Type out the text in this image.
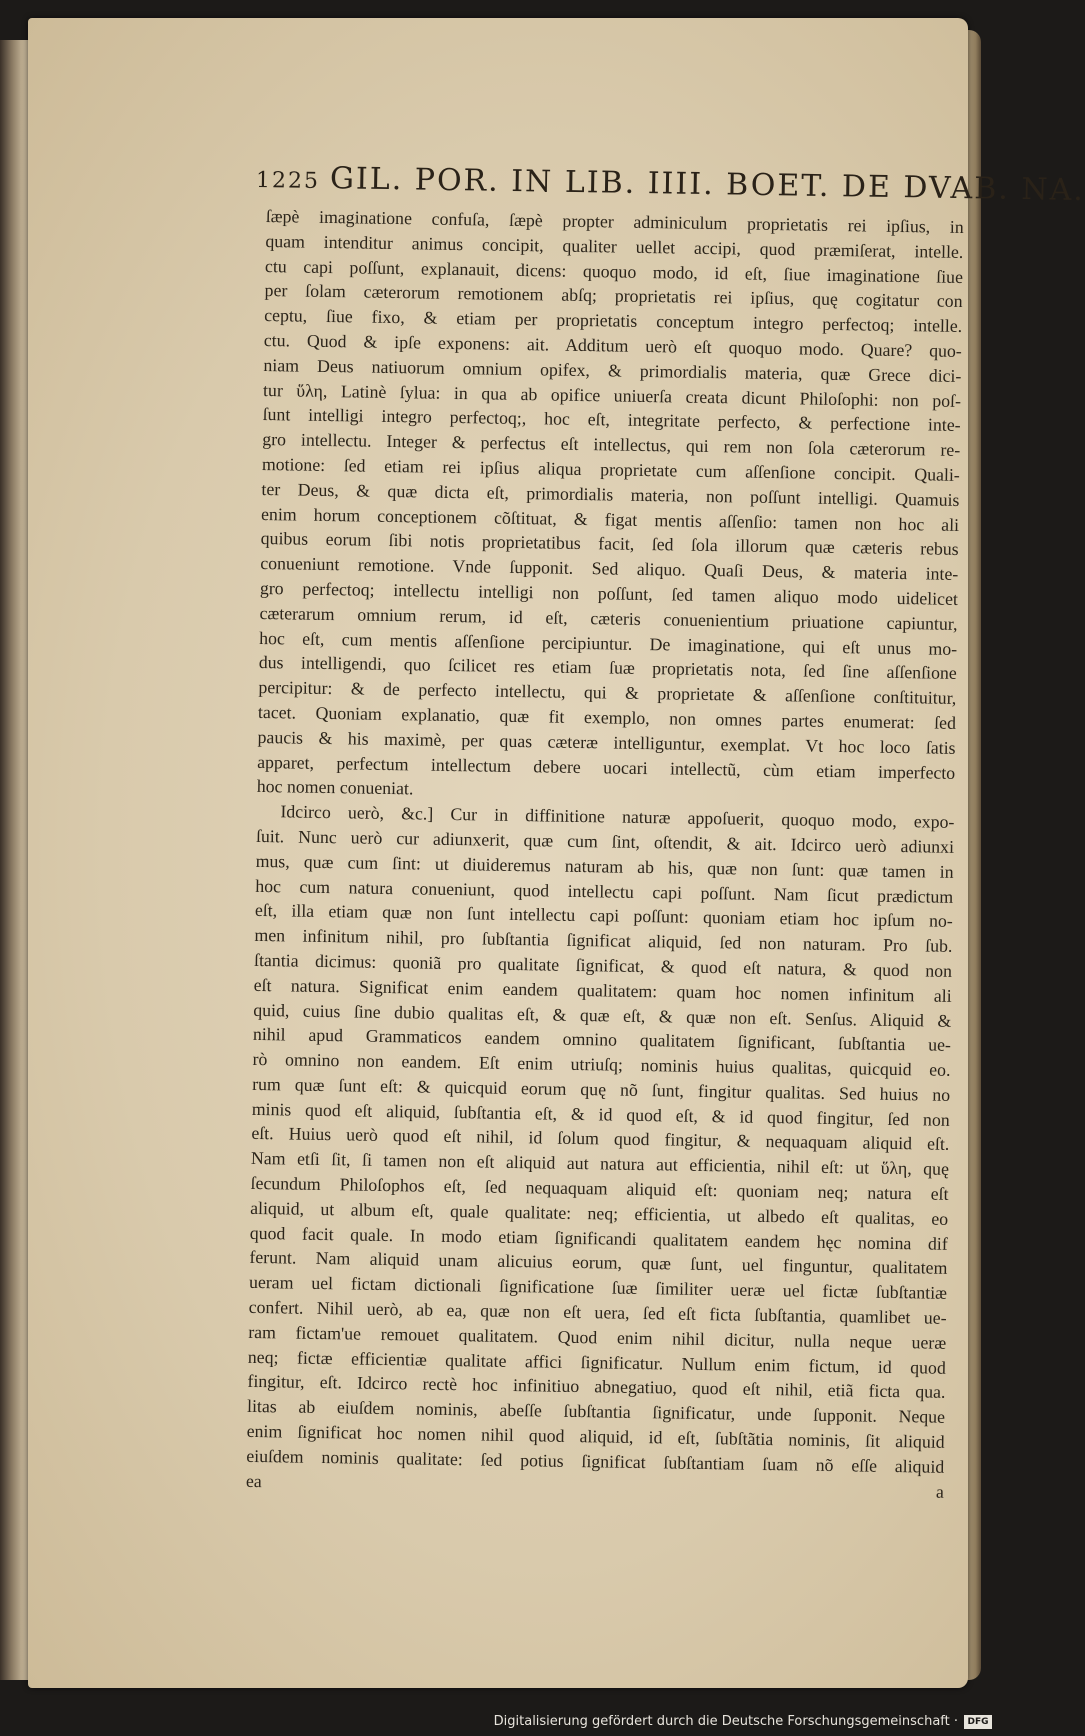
1225 GIL. POR. IN LIB. IIII. BOET. DE DVAB. NA.
ſæpè imaginatione confuſa, ſæpè propter adminiculum proprietatis rei ipſius, in
quam intenditur animus concipit, qualiter uellet accipi, quod præmiſerat, intelle.
ctu capi poſſunt, explanauit, dicens: quoquo modo, id eſt, ſiue imaginatione ſiue
per ſolam cæterorum remotionem abſq; proprietatis rei ipſius, quę cogitatur con
ceptu, ſiue fixo, & etiam per proprietatis conceptum integro perfectoq; intelle.
ctu. Quod & ipſe exponens: ait. Additum uerò eſt quoquo modo. Quare? quo-
niam Deus natiuorum omnium opifex, & primordialis materia, quæ Grece dici-
tur ὕλη, Latinè ſylua: in qua ab opifice uniuerſa creata dicunt Philoſophi: non poſ-
ſunt intelligi integro perfectoq;, hoc eſt, integritate perfecto, & perfectione inte-
gro intellectu. Integer & perfectus eſt intellectus, qui rem non ſola cæterorum re-
motione: ſed etiam rei ipſius aliqua proprietate cum aſſenſione concipit. Quali-
ter Deus, & quæ dicta eſt, primordialis materia, non poſſunt intelligi. Quamuis
enim horum conceptionem cõſtituat, & figat mentis aſſenſio: tamen non hoc ali
quibus eorum ſibi notis proprietatibus facit, ſed ſola illorum quæ cæteris rebus
conueniunt remotione. Vnde ſupponit. Sed aliquo. Quaſi Deus, & materia inte-
gro perfectoq; intellectu intelligi non poſſunt, ſed tamen aliquo modo uidelicet
cæterarum omnium rerum, id eſt, cæteris conuenientium priuatione capiuntur,
hoc eſt, cum mentis aſſenſione percipiuntur. De imaginatione, qui eſt unus mo-
dus intelligendi, quo ſcilicet res etiam ſuæ proprietatis nota, ſed ſine aſſenſione
percipitur: & de perfecto intellectu, qui & proprietate & aſſenſione conſtituitur,
tacet. Quoniam explanatio, quæ fit exemplo, non omnes partes enumerat: ſed
paucis & his maximè, per quas cæteræ intelliguntur, exemplat. Vt hoc loco ſatis
apparet, perfectum intellectum debere uocari intellectũ, cùm etiam imperfecto
hoc nomen conueniat.
Idcirco uerò, &c.] Cur in diffinitione naturæ appoſuerit, quoquo modo, expo-
ſuit. Nunc uerò cur adiunxerit, quæ cum ſint, oſtendit, & ait. Idcirco uerò adiunxi
mus, quæ cum ſint: ut diuideremus naturam ab his, quæ non ſunt: quæ tamen in
hoc cum natura conueniunt, quod intellectu capi poſſunt. Nam ſicut prædictum
eſt, illa etiam quæ non ſunt intellectu capi poſſunt: quoniam etiam hoc ipſum no-
men infinitum nihil, pro ſubſtantia ſignificat aliquid, ſed non naturam. Pro ſub.
ſtantia dicimus: quoniã pro qualitate ſignificat, & quod eſt natura, & quod non
eſt natura. Significat enim eandem qualitatem: quam hoc nomen infinitum ali
quid, cuius ſine dubio qualitas eſt, & quæ eſt, & quæ non eſt. Senſus. Aliquid &
nihil apud Grammaticos eandem omnino qualitatem ſignificant, ſubſtantia ue-
rò omnino non eandem. Eſt enim utriuſq; nominis huius qualitas, quicquid eo.
rum quæ ſunt eſt: & quicquid eorum quę nõ ſunt, fingitur qualitas. Sed huius no
minis quod eſt aliquid, ſubſtantia eſt, & id quod eſt, & id quod fingitur, ſed non
eſt. Huius uerò quod eſt nihil, id ſolum quod fingitur, & nequaquam aliquid eſt.
Nam etſi ſit, ſi tamen non eſt aliquid aut natura aut efficientia, nihil eſt: ut ὕλη, quę
ſecundum Philoſophos eſt, ſed nequaquam aliquid eſt: quoniam neq; natura eſt
aliquid, ut album eſt, quale qualitate: neq; efficientia, ut albedo eſt qualitas, eo
quod facit quale. In modo etiam ſignificandi qualitatem eandem hęc nomina dif
ferunt. Nam aliquid unam alicuius eorum, quæ ſunt, uel finguntur, qualitatem
ueram uel fictam dictionali ſignificatione ſuæ ſimiliter ueræ uel fictæ ſubſtantiæ
confert. Nihil uerò, ab ea, quæ non eſt uera, ſed eſt ficta ſubſtantia, quamlibet ue-
ram fictam'ue remouet qualitatem. Quod enim nihil dicitur, nulla neque ueræ
neq; fictæ efficientiæ qualitate affici ſignificatur. Nullum enim fictum, id quod
fingitur, eſt. Idcirco rectè hoc infinitiuo abnegatiuo, quod eſt nihil, etiã ficta qua.
litas ab eiuſdem nominis, abeſſe ſubſtantia ſignificatur, unde ſupponit. Neque
enim ſignificat hoc nomen nihil quod aliquid, id eſt, ſubſtãtia nominis, ſit aliquid
eiuſdem nominis qualitate: ſed potius ſignificat ſubſtantiam ſuam nõ eſſe aliquid
ea a
Digitalisierung gefördert durch die Deutsche Forschungsgemeinschaft ·	DFG
